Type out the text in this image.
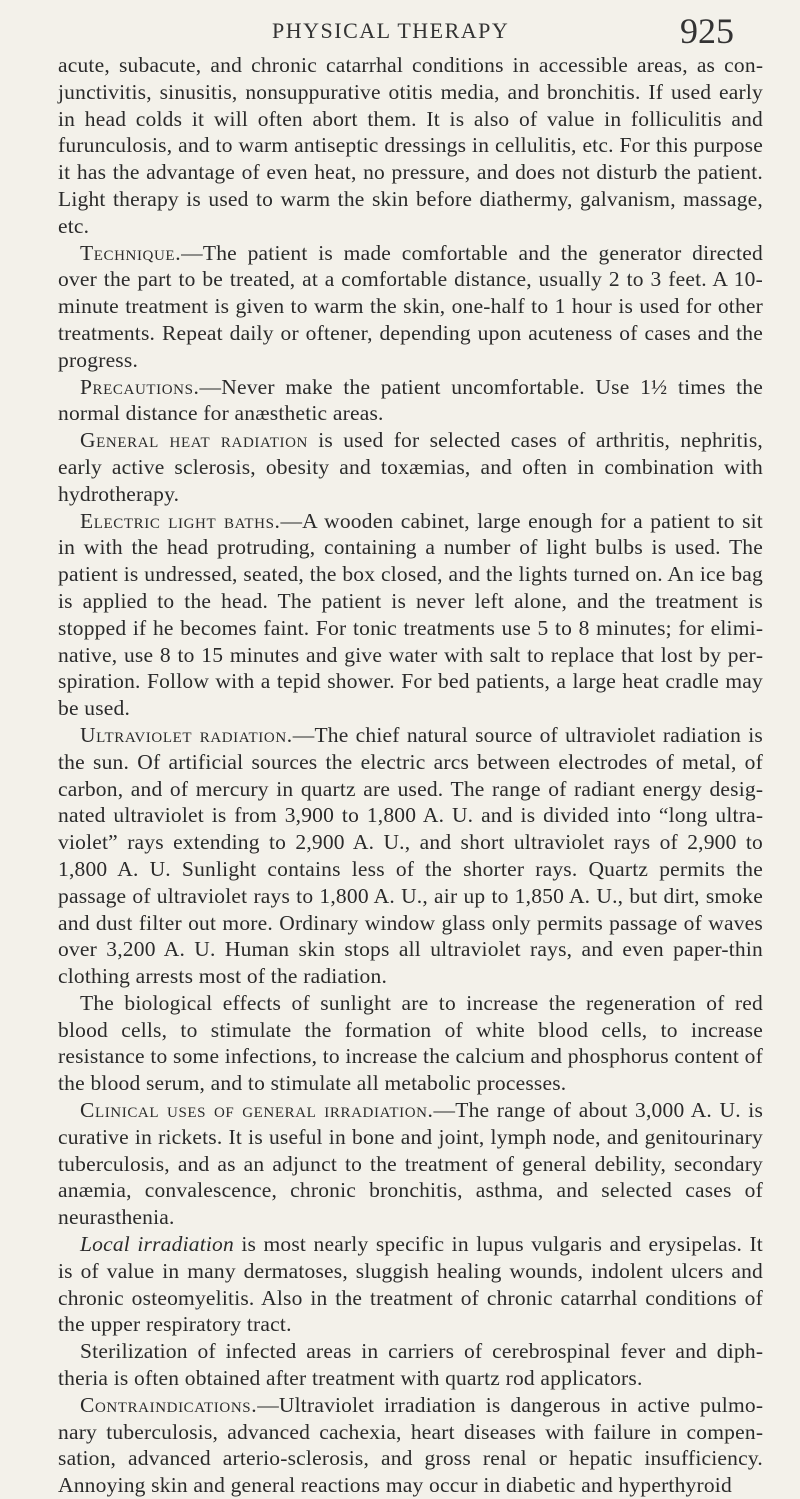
PHYSICAL THERAPY	925

acute, subacute, and chronic catarrhal conditions in accessible areas, as conjunctivitis, sinusitis, nonsuppurative otitis media, and bronchitis. If used early in head colds it will often abort them. It is also of value in folliculitis and furunculosis, and to warm antiseptic dressings in cellulitis, etc. For this purpose it has the advantage of even heat, no pressure, and does not disturb the patient. Light therapy is used to warm the skin before diathermy, galvanism, massage, etc.

Technique.—The patient is made comfortable and the generator directed over the part to be treated, at a comfortable distance, usually 2 to 3 feet. A 10-minute treatment is given to warm the skin, one-half to 1 hour is used for other treatments. Repeat daily or oftener, depending upon acuteness of cases and the progress.

Precautions.—Never make the patient uncomfortable. Use 1½ times the normal distance for anæsthetic areas.

General heat radiation is used for selected cases of arthritis, nephritis, early active sclerosis, obesity and toxæmias, and often in combination with hydrotherapy.

Electric light baths.—A wooden cabinet, large enough for a patient to sit in with the head protruding, containing a number of light bulbs is used. The patient is undressed, seated, the box closed, and the lights turned on. An ice bag is applied to the head. The patient is never left alone, and the treatment is stopped if he becomes faint. For tonic treatments use 5 to 8 minutes; for eliminative, use 8 to 15 minutes and give water with salt to replace that lost by perspiration. Follow with a tepid shower. For bed patients, a large heat cradle may be used.

Ultraviolet radiation.—The chief natural source of ultraviolet radiation is the sun. Of artificial sources the electric arcs between electrodes of metal, of carbon, and of mercury in quartz are used. The range of radiant energy designated ultraviolet is from 3,900 to 1,800 A. U. and is divided into “long ultraviolet” rays extending to 2,900 A. U., and short ultraviolet rays of 2,900 to 1,800 A. U. Sunlight contains less of the shorter rays. Quartz permits the passage of ultraviolet rays to 1,800 A. U., air up to 1,850 A. U., but dirt, smoke and dust filter out more. Ordinary window glass only permits passage of waves over 3,200 A. U. Human skin stops all ultraviolet rays, and even paper-thin clothing arrests most of the radiation.

The biological effects of sunlight are to increase the regeneration of red blood cells, to stimulate the formation of white blood cells, to increase resistance to some infections, to increase the calcium and phosphorus content of the blood serum, and to stimulate all metabolic processes.

Clinical uses of general irradiation.—The range of about 3,000 A. U. is curative in rickets. It is useful in bone and joint, lymph node, and genitourinary tuberculosis, and as an adjunct to the treatment of general debility, secondary anæmia, convalescence, chronic bronchitis, asthma, and selected cases of neurasthenia.

Local irradiation is most nearly specific in lupus vulgaris and erysipelas. It is of value in many dermatoses, sluggish healing wounds, indolent ulcers and chronic osteomyelitis. Also in the treatment of chronic catarrhal conditions of the upper respiratory tract.

Sterilization of infected areas in carriers of cerebrospinal fever and diphtheria is often obtained after treatment with quartz rod applicators.

Contraindications.—Ultraviolet irradiation is dangerous in active pulmonary tuberculosis, advanced cachexia, heart diseases with failure in compensation, advanced arterio-sclerosis, and gross renal or hepatic insufficiency. Annoying skin and general reactions may occur in diabetic and hyperthyroid
